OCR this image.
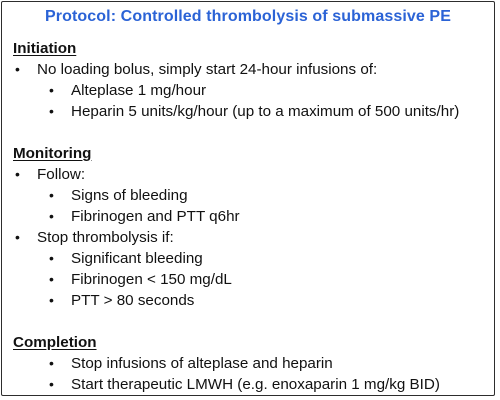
Protocol: Controlled thrombolysis of submassive PE
Initiation
• No loading bolus, simply start 24-hour infusions of:
• Alteplase 1 mg/hour
• Heparin 5 units/kg/hour (up to a maximum of 500 units/hr)
Monitoring
• Follow:
• Signs of bleeding
• Fibrinogen and PTT q6hr
• Stop thrombolysis if:
• Significant bleeding
• Fibrinogen < 150 mg/dL
• PTT > 80 seconds
Completion
• Stop infusions of alteplase and heparin
• Start therapeutic LMWH (e.g. enoxaparin 1 mg/kg BID)
